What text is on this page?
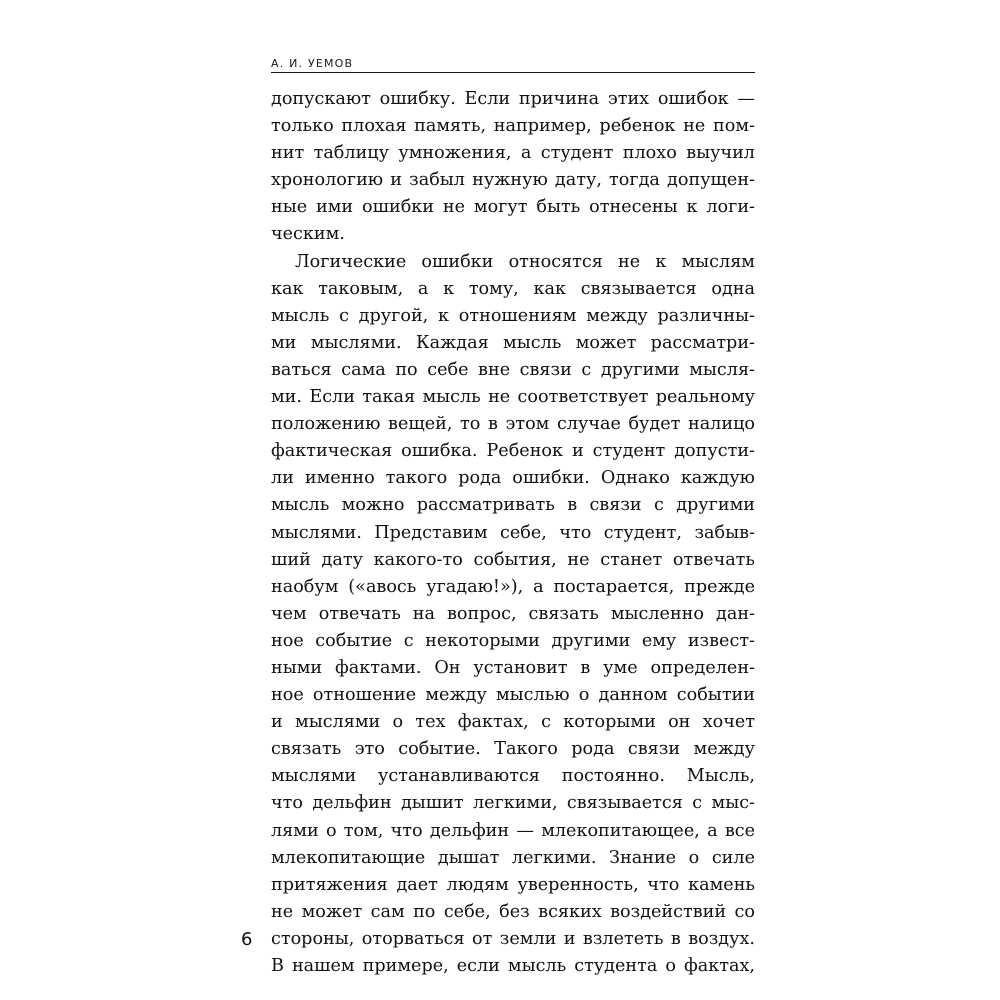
А. И. УЕМОВ
допускают ошибку. Если причина этих ошибок —
только плохая память, например, ребенок не пом-
нит таблицу умножения, а студент плохо выучил
хронологию и забыл нужную дату, тогда допущен-
ные ими ошибки не могут быть отнесены к логи-
ческим.
Логические ошибки относятся не к мыслям
как таковым, а к тому, как связывается одна
мысль с другой, к отношениям между различны-
ми мыслями. Каждая мысль может рассматри-
ваться сама по себе вне связи с другими мысля-
ми. Если такая мысль не соответствует реальному
положению вещей, то в этом случае будет налицо
фактическая ошибка. Ребенок и студент допусти-
ли именно такого рода ошибки. Однако каждую
мысль можно рассматривать в связи с другими
мыслями. Представим себе, что студент, забыв-
ший дату какого-то события, не станет отвечать
наобум («авось угадаю!»), а постарается, прежде
чем отвечать на вопрос, связать мысленно дан-
ное событие с некоторыми другими ему извест-
ными фактами. Он установит в уме определен-
ное отношение между мыслью о данном событии
и мыслями о тех фактах, с которыми он хочет
связать это событие. Такого рода связи между
мыслями устанавливаются постоянно. Мысль,
что дельфин дышит легкими, связывается с мыс-
лями о том, что дельфин — млекопитающее, а все
млекопитающие дышат легкими. Знание о силе
притяжения дает людям уверенность, что камень
не может сам по себе, без всяких воздействий со
стороны, оторваться от земли и взлететь в воздух.
В нашем примере, если мысль студента о фактах,
6
